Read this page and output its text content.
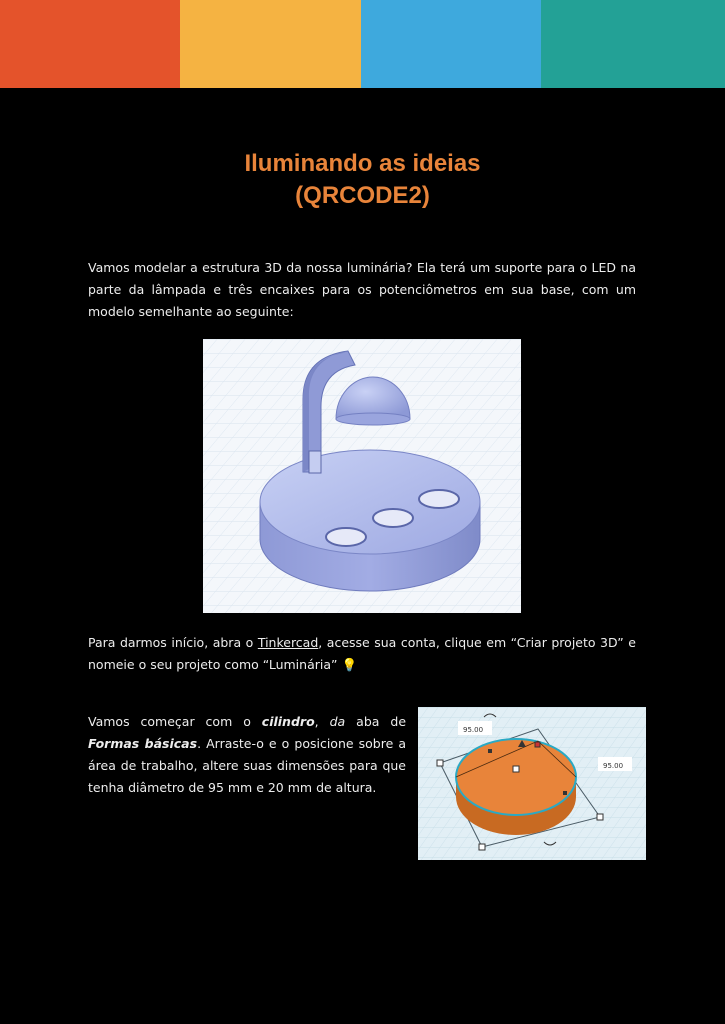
Iluminando as ideias
(QRCODE2)

Vamos modelar a estrutura 3D da nossa luminária? Ela terá um suporte para o LED na parte da lâmpada e três encaixes para os potenciômetros em sua base, com um modelo semelhante ao seguinte:

Para darmos início, abra o Tinkercad, acesse sua conta, clique em “Criar projeto 3D” e nomeie o seu projeto como “Luminária” 💡

Vamos começar com o cilindro, da aba de Formas básicas. Arraste-o e o posicione sobre a área de trabalho, altere suas dimensões para que tenha diâmetro de 95 mm e 20 mm de altura.

95.00
95.00
